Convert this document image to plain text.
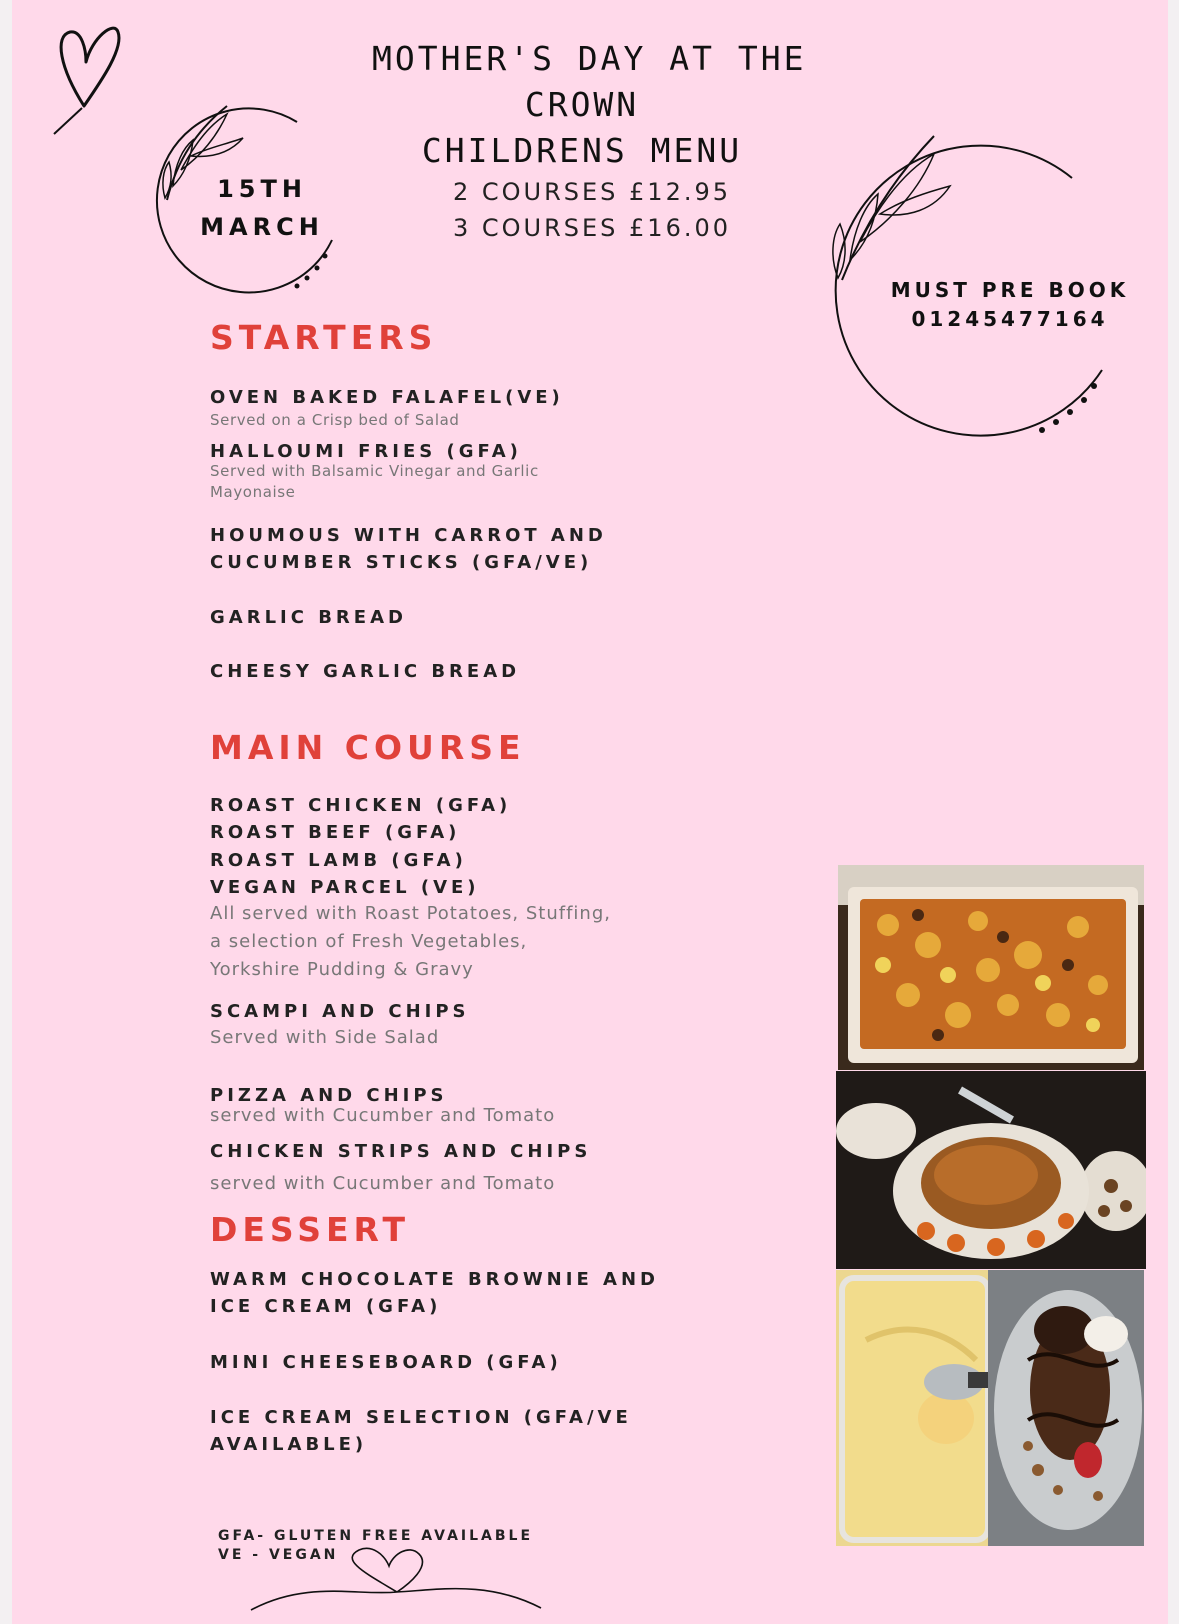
15TH
MARCH
MOTHER'S DAY AT THE
CROWN
CHILDRENS MENU
2 COURSES £12.95
3 COURSES £16.00
MUST PRE BOOK
01245477164
STARTERS
OVEN BAKED FALAFEL(VE)
Served on a Crisp bed of Salad
HALLOUMI FRIES (GFA)
Served with Balsamic Vinegar and Garlic
Mayonaise
HOUMOUS WITH CARROT AND
CUCUMBER STICKS (GFA/VE)
GARLIC BREAD
CHEESY GARLIC BREAD
MAIN COURSE
ROAST CHICKEN (GFA)
ROAST BEEF (GFA)
ROAST LAMB (GFA)
VEGAN PARCEL (VE)
All served with Roast Potatoes, Stuffing,
a selection of Fresh Vegetables,
Yorkshire Pudding & Gravy
SCAMPI AND CHIPS
Served with Side Salad
PIZZA AND CHIPS
served with Cucumber and Tomato
CHICKEN STRIPS AND CHIPS
served with Cucumber and Tomato
DESSERT
WARM CHOCOLATE BROWNIE AND
ICE CREAM (GFA)
MINI CHEESEBOARD (GFA)
ICE CREAM SELECTION (GFA/VE
AVAILABLE)
GFA- GLUTEN FREE AVAILABLE
VE - VEGAN
